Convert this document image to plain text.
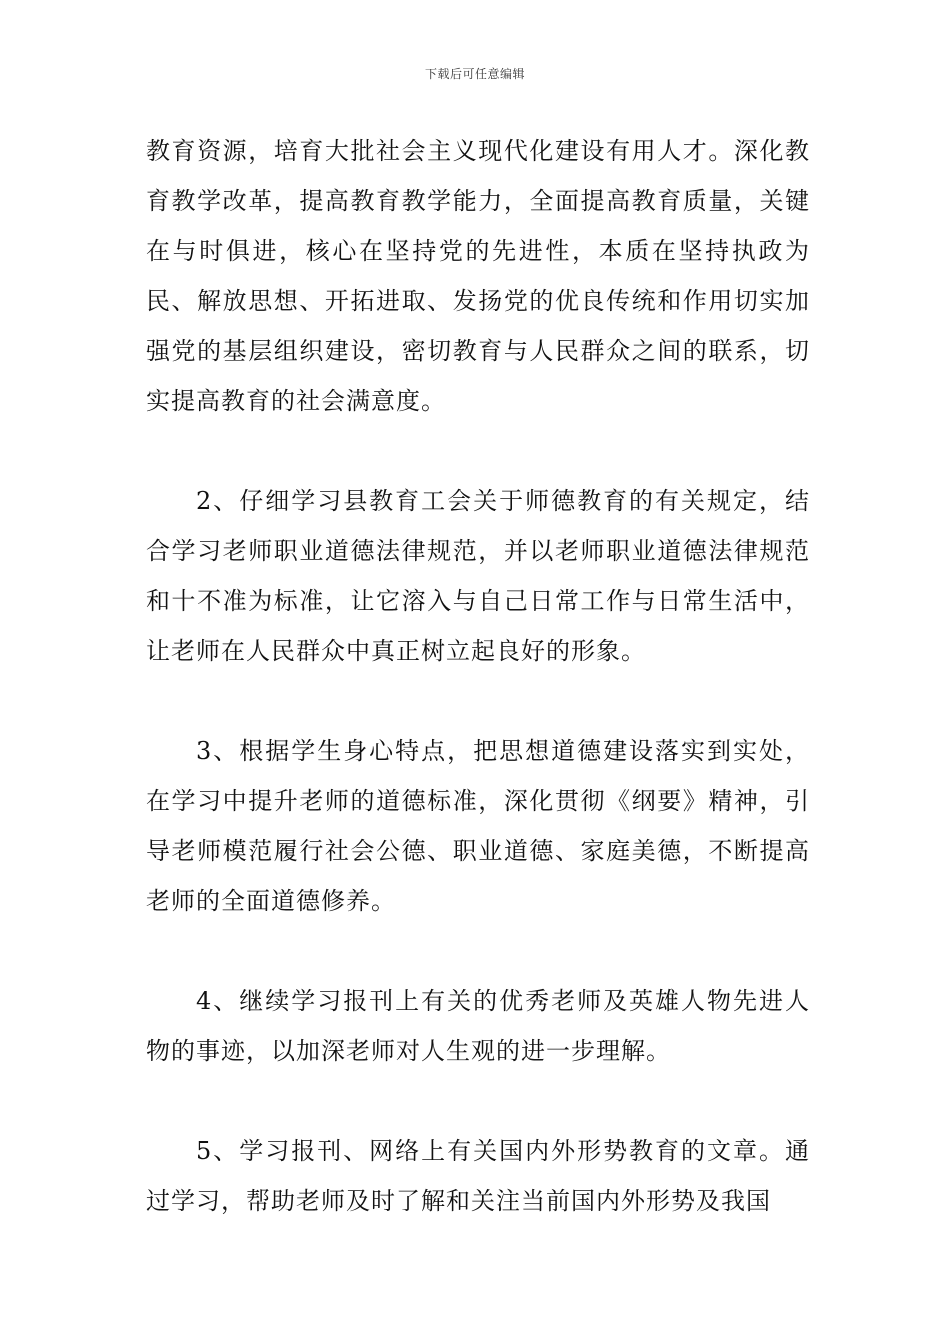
下载后可任意编辑

教育资源，培育大批社会主义现代化建设有用人才。深化教育教学改革，提高教育教学能力，全面提高教育质量，关键在与时俱进，核心在坚持党的先进性，本质在坚持执政为民、解放思想、开拓进取、发扬党的优良传统和作用切实加强党的基层组织建设，密切教育与人民群众之间的联系，切实提高教育的社会满意度。

2、仔细学习县教育工会关于师德教育的有关规定，结合学习老师职业道德法律规范，并以老师职业道德法律规范和十不准为标准，让它溶入与自己日常工作与日常生活中，让老师在人民群众中真正树立起良好的形象。

3、根据学生身心特点，把思想道德建设落实到实处，在学习中提升老师的道德标准，深化贯彻《纲要》精神，引导老师模范履行社会公德、职业道德、家庭美德，不断提高老师的全面道德修养。

4、继续学习报刊上有关的优秀老师及英雄人物先进人物的事迹，以加深老师对人生观的进一步理解。

5、学习报刊、网络上有关国内外形势教育的文章。通过学习，帮助老师及时了解和关注当前国内外形势及我国
